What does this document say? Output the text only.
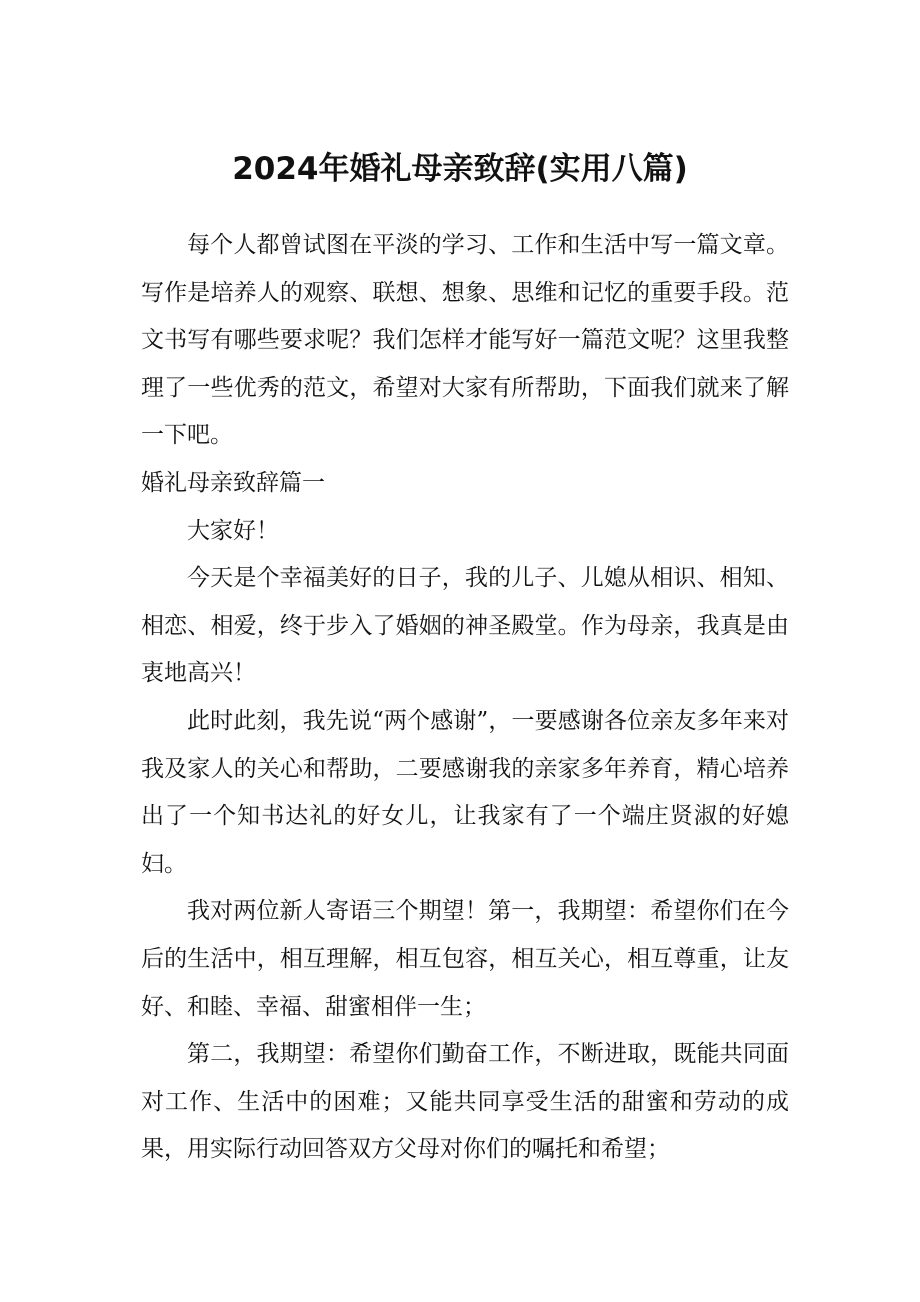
2024年婚礼母亲致辞(实用八篇)

每个人都曾试图在平淡的学习、工作和生活中写一篇文章。写作是培养人的观察、联想、想象、思维和记忆的重要手段。范文书写有哪些要求呢？我们怎样才能写好一篇范文呢？这里我整理了一些优秀的范文，希望对大家有所帮助，下面我们就来了解一下吧。

婚礼母亲致辞篇一

大家好！

今天是个幸福美好的日子，我的儿子、儿媳从相识、相知、相恋、相爱，终于步入了婚姻的神圣殿堂。作为母亲，我真是由衷地高兴！

此时此刻，我先说“两个感谢”，一要感谢各位亲友多年来对我及家人的关心和帮助，二要感谢我的亲家多年养育，精心培养出了一个知书达礼的好女儿，让我家有了一个端庄贤淑的好媳妇。

我对两位新人寄语三个期望！第一，我期望：希望你们在今后的生活中，相互理解，相互包容，相互关心，相互尊重，让友好、和睦、幸福、甜蜜相伴一生；

第二，我期望：希望你们勤奋工作，不断进取，既能共同面对工作、生活中的困难；又能共同享受生活的甜蜜和劳动的成果，用实际行动回答双方父母对你们的嘱托和希望；
